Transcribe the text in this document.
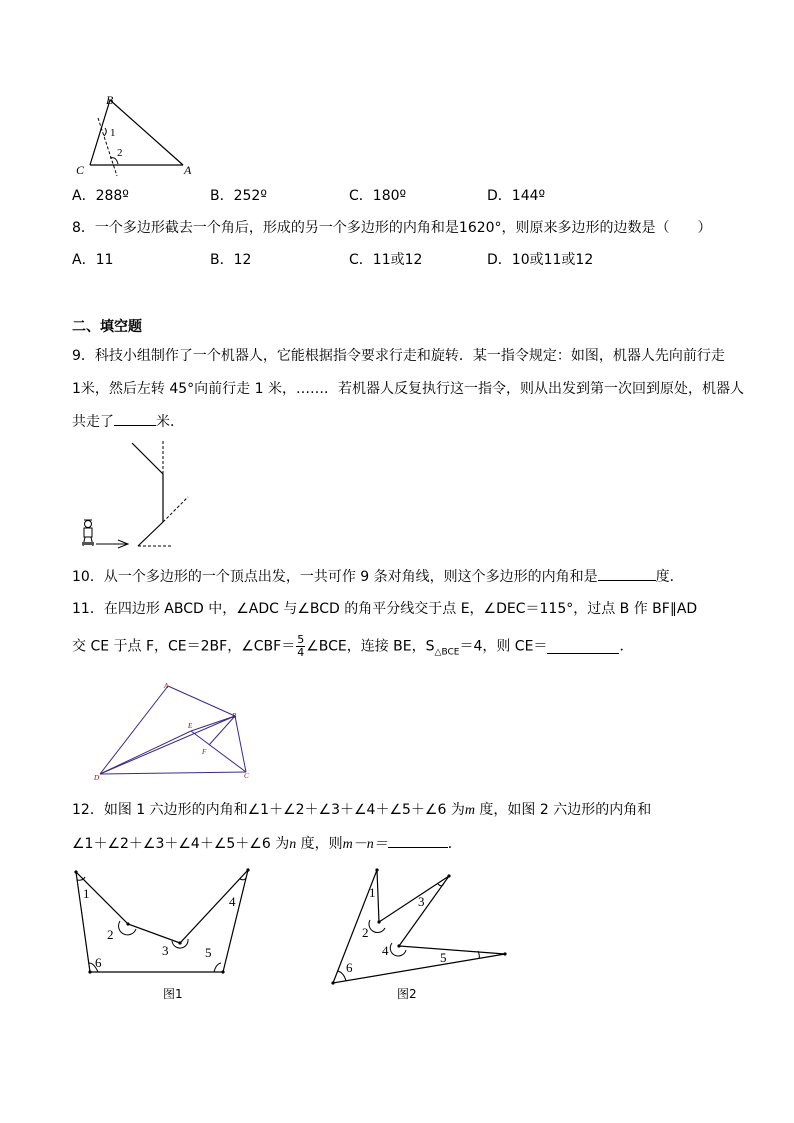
B
A
C
1
2
A．288º	B．252º	C．180º	D．144º
8．一个多边形截去一个角后，形成的另一个多边形的内角和是1620°，则原来多边形的边数是（　　）
A．11	B．12	C．11或12	D．10或11或12
二、填空题
9．科技小组制作了一个机器人，它能根据指令要求行走和旋转．某一指令规定：如图，机器人先向前行走
1米，然后左转 45°向前行走 1 米，……．若机器人反复执行这一指令，则从出发到第一次回到原处，机器人
共走了	米．
10．从一个多边形的一个顶点出发，一共可作 9 条对角线，则这个多边形的内角和是	度．
11．在四边形 ABCD 中，∠ADC 与∠BCD 的角平分线交于点 E，∠DEC＝115°，过点 B 作 BF∥AD
交 CE 于点 F，CE＝2BF，∠CBF＝ $\frac{5}{4}$ ∠BCE，连接 BE，$S_{\triangle BCE}=4$，则 CE＝	．
A
B
C
D
E
F
12．如图 1 六边形的内角和∠1＋∠2＋∠3＋∠4＋∠5＋∠6 为m 度，如图 2 六边形的内角和
∠1＋∠2＋∠3＋∠4＋∠5＋∠6 为n 度，则m－n＝	．
1
2
3
4
5
6
图1
1
2
3
4	5
6
图2
